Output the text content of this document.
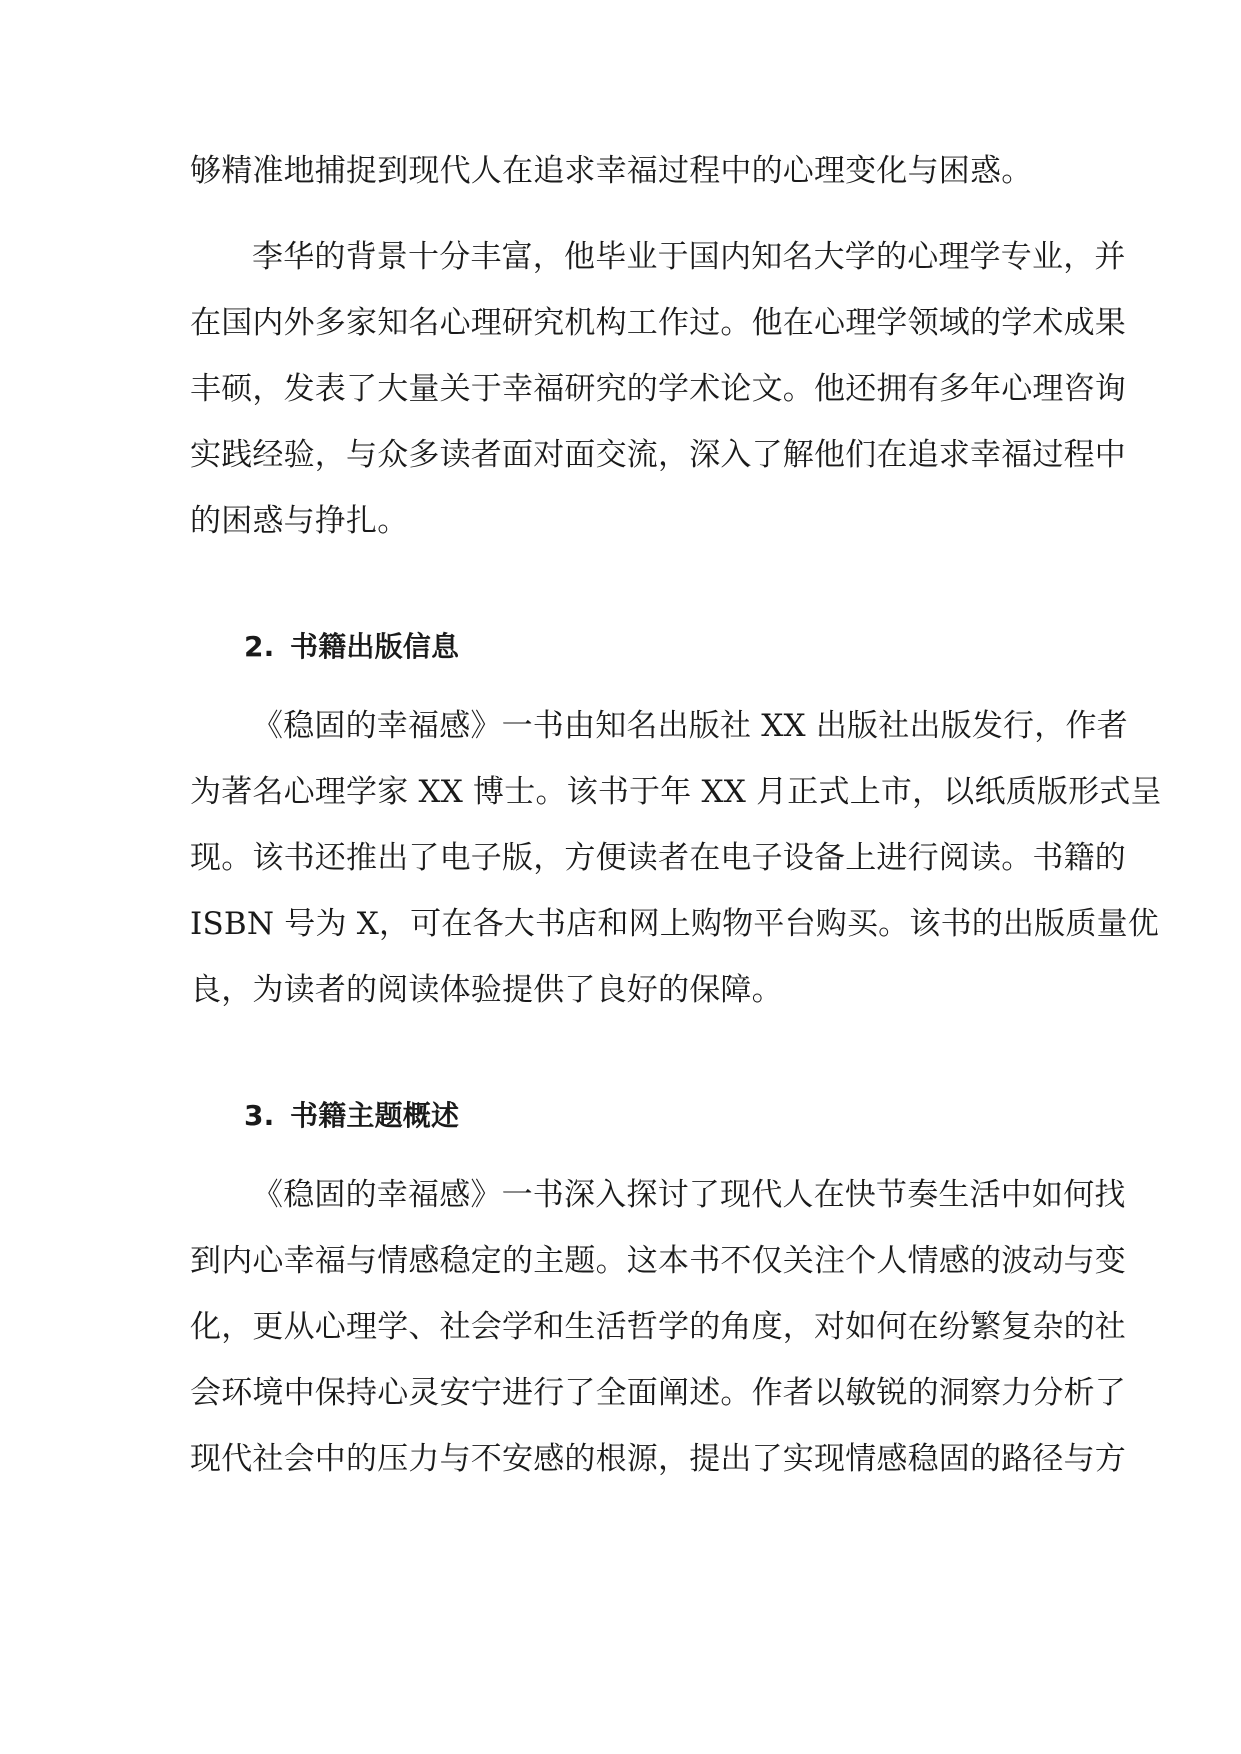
够精准地捕捉到现代人在追求幸福过程中的心理变化与困惑。
李华的背景十分丰富，他毕业于国内知名大学的心理学专业，并
在国内外多家知名心理研究机构工作过。他在心理学领域的学术成果
丰硕，发表了大量关于幸福研究的学术论文。他还拥有多年心理咨询
实践经验，与众多读者面对面交流，深入了解他们在追求幸福过程中
的困惑与挣扎。
2. 书籍出版信息
《稳固的幸福感》一书由知名出版社 XX 出版社出版发行，作者
为著名心理学家 XX 博士。该书于年 XX 月正式上市，以纸质版形式呈
现。该书还推出了电子版，方便读者在电子设备上进行阅读。书籍的
ISBN 号为 X，可在各大书店和网上购物平台购买。该书的出版质量优
良，为读者的阅读体验提供了良好的保障。
3. 书籍主题概述
《稳固的幸福感》一书深入探讨了现代人在快节奏生活中如何找
到内心幸福与情感稳定的主题。这本书不仅关注个人情感的波动与变
化，更从心理学、社会学和生活哲学的角度，对如何在纷繁复杂的社
会环境中保持心灵安宁进行了全面阐述。作者以敏锐的洞察力分析了
现代社会中的压力与不安感的根源，提出了实现情感稳固的路径与方
